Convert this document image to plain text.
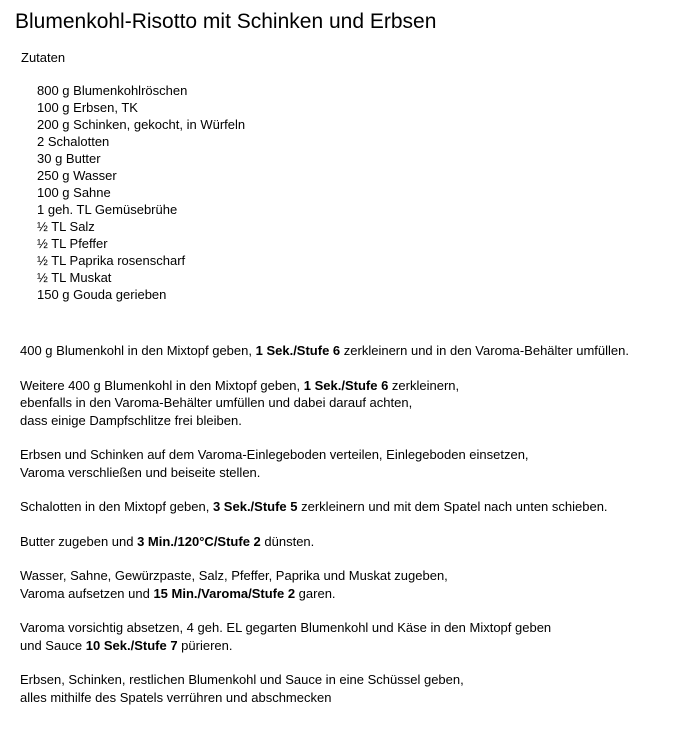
Blumenkohl-Risotto mit Schinken und Erbsen

Zutaten

800 g Blumenkohlröschen
100 g Erbsen, TK
200 g Schinken, gekocht, in Würfeln
2 Schalotten
30 g Butter
250 g Wasser
100 g Sahne
1 geh. TL Gemüsebrühe
½ TL Salz
½ TL Pfeffer
½ TL Paprika rosenscharf
½ TL Muskat
150 g Gouda gerieben

400 g Blumenkohl in den Mixtopf geben, 1 Sek./Stufe 6 zerkleinern und in den Varoma-Behälter umfüllen.

Weitere 400 g Blumenkohl in den Mixtopf geben, 1 Sek./Stufe 6 zerkleinern,
ebenfalls in den Varoma-Behälter umfüllen und dabei darauf achten,
dass einige Dampfschlitze frei bleiben.

Erbsen und Schinken auf dem Varoma-Einlegeboden verteilen, Einlegeboden einsetzen,
Varoma verschließen und beiseite stellen.

Schalotten in den Mixtopf geben, 3 Sek./Stufe 5 zerkleinern und mit dem Spatel nach unten schieben.

Butter zugeben und 3 Min./120°C/Stufe 2 dünsten.

Wasser, Sahne, Gewürzpaste, Salz, Pfeffer, Paprika und Muskat zugeben,
Varoma aufsetzen und 15 Min./Varoma/Stufe 2 garen.

Varoma vorsichtig absetzen, 4 geh. EL gegarten Blumenkohl und Käse in den Mixtopf geben
und Sauce 10 Sek./Stufe 7 pürieren.

Erbsen, Schinken, restlichen Blumenkohl und Sauce in eine Schüssel geben,
alles mithilfe des Spatels verrühren und abschmecken
